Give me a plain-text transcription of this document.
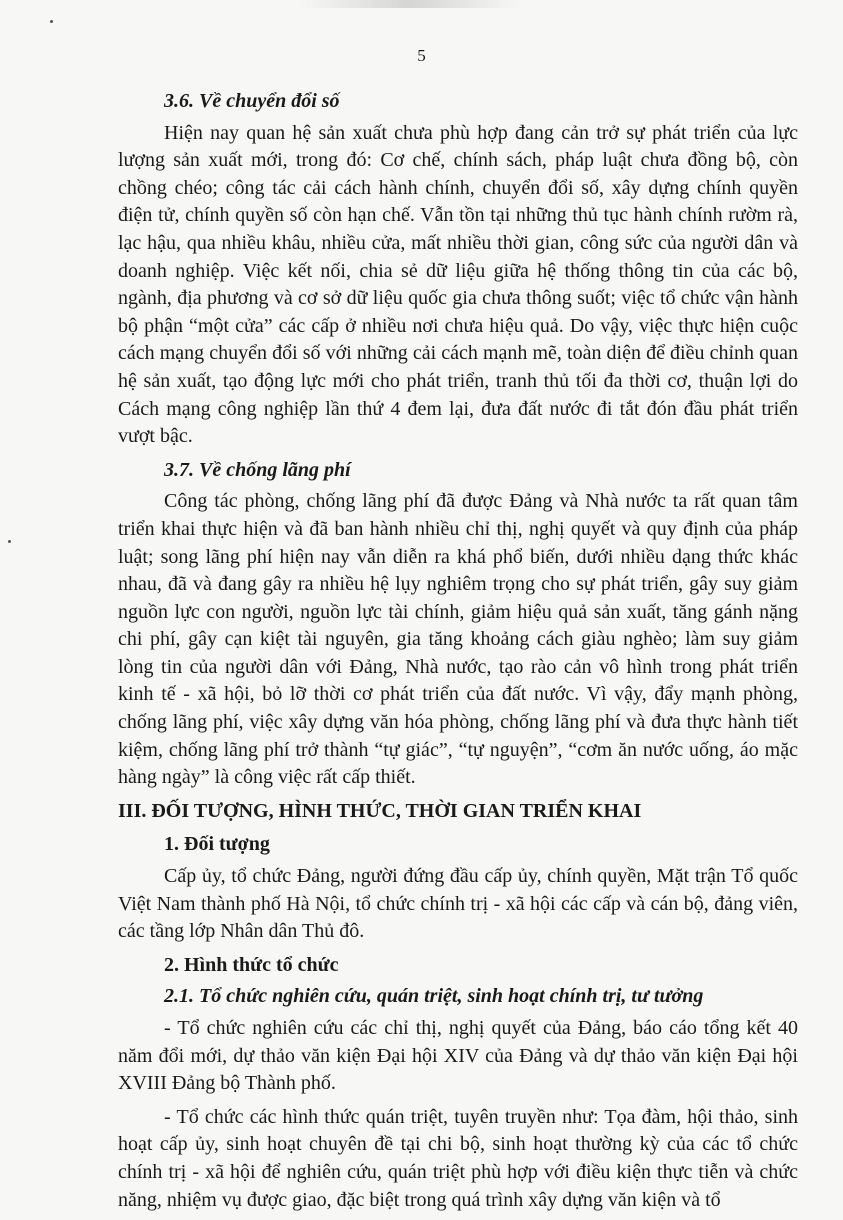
5
3.6. Về chuyển đổi số

Hiện nay quan hệ sản xuất chưa phù hợp đang cản trở sự phát triển của lực lượng sản xuất mới, trong đó: Cơ chế, chính sách, pháp luật chưa đồng bộ, còn chồng chéo; công tác cải cách hành chính, chuyển đổi số, xây dựng chính quyền điện tử, chính quyền số còn hạn chế. Vẫn tồn tại những thủ tục hành chính rườm rà, lạc hậu, qua nhiều khâu, nhiều cửa, mất nhiều thời gian, công sức của người dân và doanh nghiệp. Việc kết nối, chia sẻ dữ liệu giữa hệ thống thông tin của các bộ, ngành, địa phương và cơ sở dữ liệu quốc gia chưa thông suốt; việc tổ chức vận hành bộ phận “một cửa” các cấp ở nhiều nơi chưa hiệu quả. Do vậy, việc thực hiện cuộc cách mạng chuyển đổi số với những cải cách mạnh mẽ, toàn diện để điều chỉnh quan hệ sản xuất, tạo động lực mới cho phát triển, tranh thủ tối đa thời cơ, thuận lợi do Cách mạng công nghiệp lần thứ 4 đem lại, đưa đất nước đi tắt đón đầu phát triển vượt bậc.

3.7. Về chống lãng phí

Công tác phòng, chống lãng phí đã được Đảng và Nhà nước ta rất quan tâm triển khai thực hiện và đã ban hành nhiều chỉ thị, nghị quyết và quy định của pháp luật; song lãng phí hiện nay vẫn diễn ra khá phổ biến, dưới nhiều dạng thức khác nhau, đã và đang gây ra nhiều hệ lụy nghiêm trọng cho sự phát triển, gây suy giảm nguồn lực con người, nguồn lực tài chính, giảm hiệu quả sản xuất, tăng gánh nặng chi phí, gây cạn kiệt tài nguyên, gia tăng khoảng cách giàu nghèo; làm suy giảm lòng tin của người dân với Đảng, Nhà nước, tạo rào cản vô hình trong phát triển kinh tế - xã hội, bỏ lỡ thời cơ phát triển của đất nước. Vì vậy, đẩy mạnh phòng, chống lãng phí, việc xây dựng văn hóa phòng, chống lãng phí và đưa thực hành tiết kiệm, chống lãng phí trở thành “tự giác”, “tự nguyện”, “cơm ăn nước uống, áo mặc hàng ngày” là công việc rất cấp thiết.

III. ĐỐI TƯỢNG, HÌNH THỨC, THỜI GIAN TRIỂN KHAI
1. Đối tượng

Cấp ủy, tổ chức Đảng, người đứng đầu cấp ủy, chính quyền, Mặt trận Tổ quốc Việt Nam thành phố Hà Nội, tổ chức chính trị - xã hội các cấp và cán bộ, đảng viên, các tầng lớp Nhân dân Thủ đô.

2. Hình thức tổ chức
2.1. Tổ chức nghiên cứu, quán triệt, sinh hoạt chính trị, tư tưởng

- Tổ chức nghiên cứu các chỉ thị, nghị quyết của Đảng, báo cáo tổng kết 40 năm đổi mới, dự thảo văn kiện Đại hội XIV của Đảng và dự thảo văn kiện Đại hội XVIII Đảng bộ Thành phố.

- Tổ chức các hình thức quán triệt, tuyên truyền như: Tọa đàm, hội thảo, sinh hoạt cấp ủy, sinh hoạt chuyên đề tại chi bộ, sinh hoạt thường kỳ của các tổ chức chính trị - xã hội để nghiên cứu, quán triệt phù hợp với điều kiện thực tiễn và chức năng, nhiệm vụ được giao, đặc biệt trong quá trình xây dựng văn kiện và tổ
